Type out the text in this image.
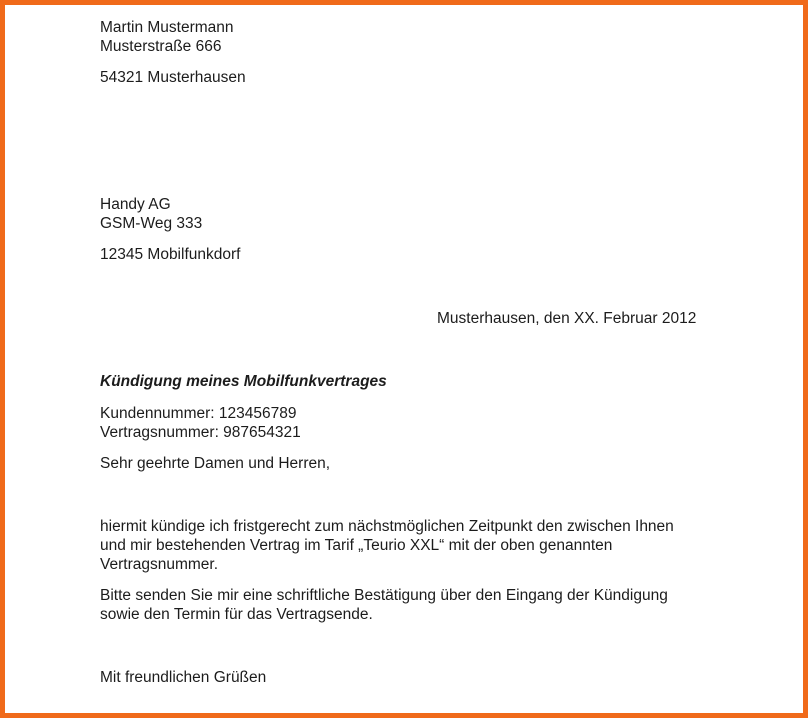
Martin Mustermann
Musterstraße 666
54321 Musterhausen
Handy AG
GSM-Weg 333
12345 Mobilfunkdorf
Musterhausen, den XX. Februar 2012
Kündigung meines Mobilfunkvertrages
Kundennummer: 123456789
Vertragsnummer: 987654321
Sehr geehrte Damen und Herren,
hiermit kündige ich fristgerecht zum nächstmöglichen Zeitpunkt den zwischen Ihnen
und mir bestehenden Vertrag im Tarif „Teurio XXL“ mit der oben genannten
Vertragsnummer.
Bitte senden Sie mir eine schriftliche Bestätigung über den Eingang der Kündigung
sowie den Termin für das Vertragsende.
Mit freundlichen Grüßen
